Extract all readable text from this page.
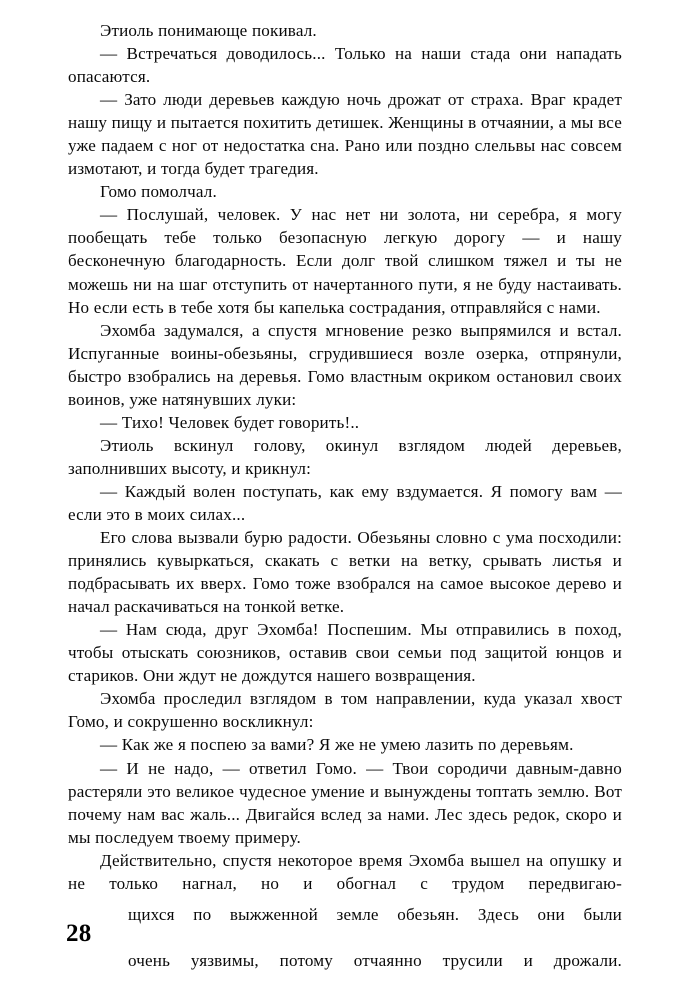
Этиоль понимающе покивал.

— Встречаться доводилось... Только на наши стада они нападать опасаются.

— Зато люди деревьев каждую ночь дрожат от страха. Враг крадет нашу пищу и пытается похитить детишек. Женщины в отчаянии, а мы все уже падаем с ног от недостатка сна. Рано или поздно слельвы нас совсем измотают, и тогда будет трагедия.

Гомо помолчал.

— Послушай, человек. У нас нет ни золота, ни серебра, я могу пообещать тебе только безопасную легкую дорогу — и нашу бесконечную благодарность. Если долг твой слишком тяжел и ты не можешь ни на шаг отступить от начертанного пути, я не буду настаивать. Но если есть в тебе хотя бы капелька сострадания, отправляйся с нами.

Эхомба задумался, а спустя мгновение резко выпрямился и встал. Испуганные воины-обезьяны, сгрудившиеся возле озерка, отпрянули, быстро взобрались на деревья. Гомо властным окриком остановил своих воинов, уже натянувших луки:

— Тихо! Человек будет говорить!..

Этиоль вскинул голову, окинул взглядом людей деревьев, заполнивших высоту, и крикнул:

— Каждый волен поступать, как ему вздумается. Я помогу вам — если это в моих силах...

Его слова вызвали бурю радости. Обезьяны словно с ума посходили: принялись кувыркаться, скакать с ветки на ветку, срывать листья и подбрасывать их вверх. Гомо тоже взобрался на самое высокое дерево и начал раскачиваться на тонкой ветке.

— Нам сюда, друг Эхомба! Поспешим. Мы отправились в поход, чтобы отыскать союзников, оставив свои семьи под защитой юнцов и стариков. Они ждут не дождутся нашего возвращения.

Эхомба проследил взглядом в том направлении, куда указал хвост Гомо, и сокрушенно воскликнул:

— Как же я поспею за вами? Я же не умею лазить по деревьям.

— И не надо, — ответил Гомо. — Твои сородичи давным-давно растеряли это великое чудесное умение и вынуждены топтать землю. Вот почему нам вас жаль... Двигайся вслед за нами. Лес здесь редок, скоро и мы последуем твоему примеру.

Действительно, спустя некоторое время Эхомба вышел на опушку и не только нагнал, но и обогнал с трудом передвигаю-

щихся по выжженной земле обезьян. Здесь они были
очень уязвимы, потому отчаянно трусили и дрожали.
28
